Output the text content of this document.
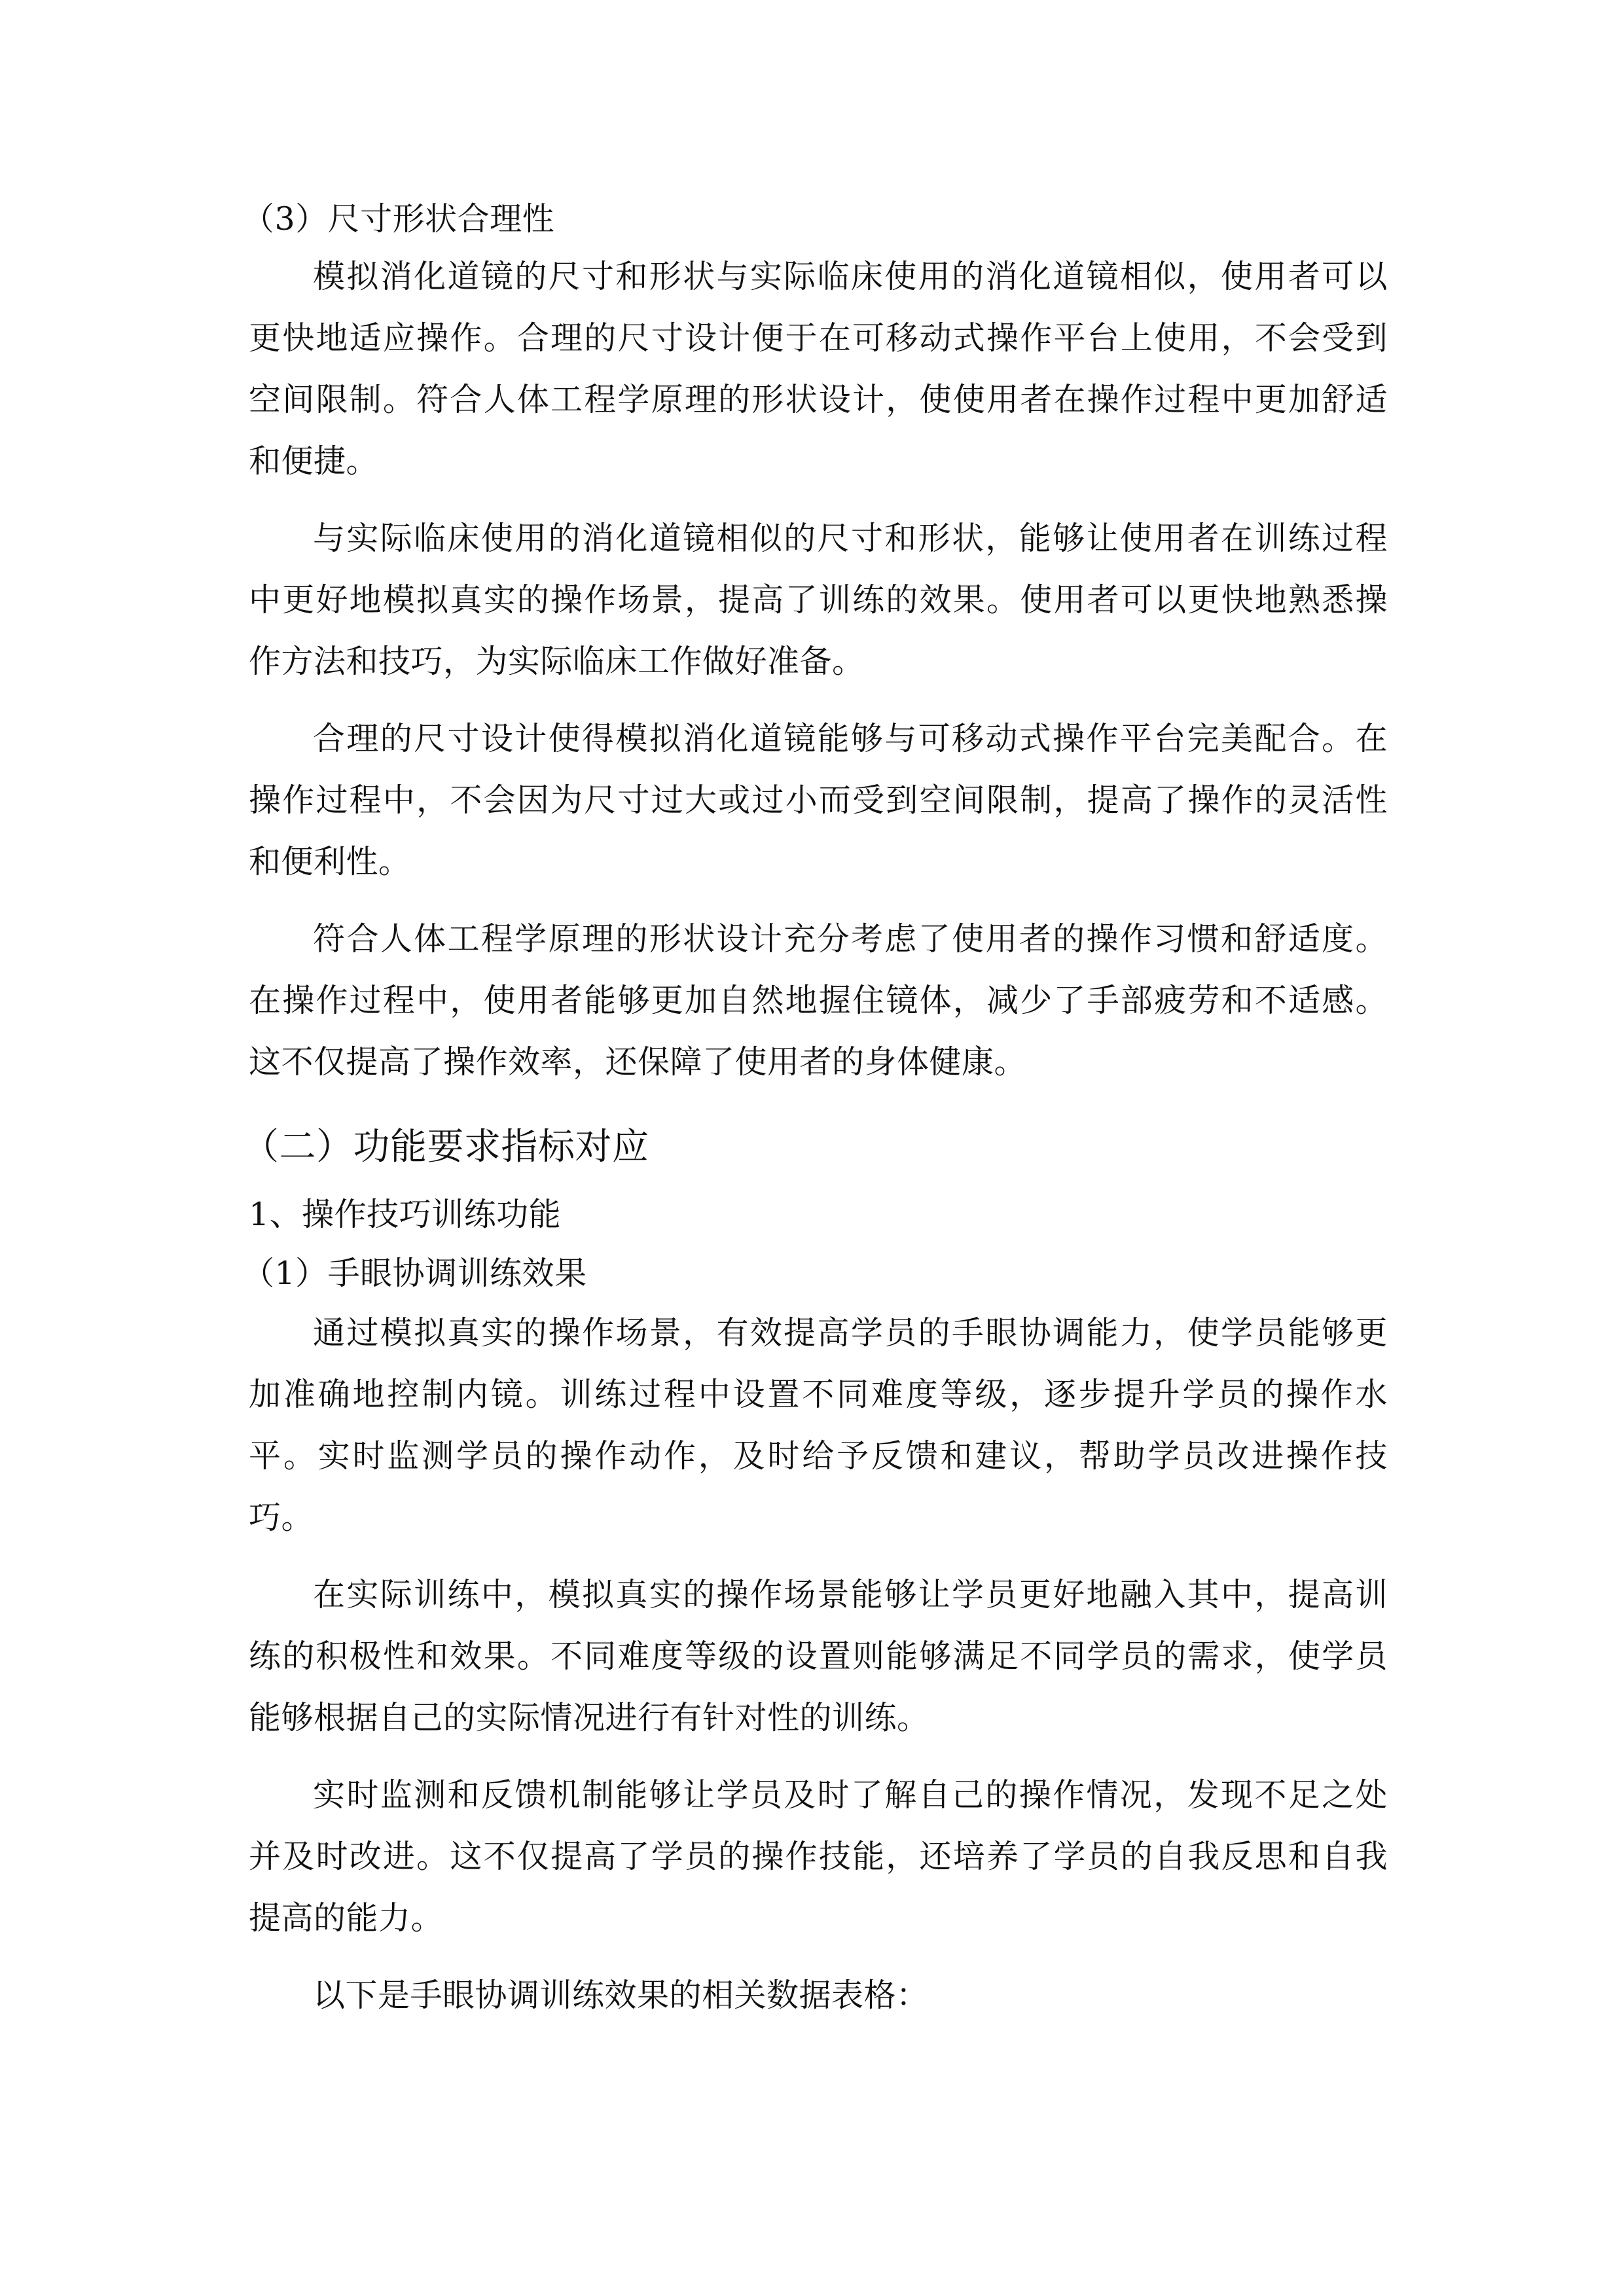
（3）尺寸形状合理性

模拟消化道镜的尺寸和形状与实际临床使用的消化道镜相似，使用者可以

更快地适应操作。合理的尺寸设计便于在可移动式操作平台上使用，不会受到

空间限制。符合人体工程学原理的形状设计，使使用者在操作过程中更加舒适

和便捷。

与实际临床使用的消化道镜相似的尺寸和形状，能够让使用者在训练过程

中更好地模拟真实的操作场景，提高了训练的效果。使用者可以更快地熟悉操

作方法和技巧，为实际临床工作做好准备。

合理的尺寸设计使得模拟消化道镜能够与可移动式操作平台完美配合。在

操作过程中，不会因为尺寸过大或过小而受到空间限制，提高了操作的灵活性

和便利性。

符合人体工程学原理的形状设计充分考虑了使用者的操作习惯和舒适度。

在操作过程中，使用者能够更加自然地握住镜体，减少了手部疲劳和不适感。

这不仅提高了操作效率，还保障了使用者的身体健康。

（二）功能要求指标对应

1、操作技巧训练功能

（1）手眼协调训练效果

通过模拟真实的操作场景，有效提高学员的手眼协调能力，使学员能够更

加准确地控制内镜。训练过程中设置不同难度等级，逐步提升学员的操作水

平。实时监测学员的操作动作，及时给予反馈和建议，帮助学员改进操作技

巧。

在实际训练中，模拟真实的操作场景能够让学员更好地融入其中，提高训

练的积极性和效果。不同难度等级的设置则能够满足不同学员的需求，使学员

能够根据自己的实际情况进行有针对性的训练。

实时监测和反馈机制能够让学员及时了解自己的操作情况，发现不足之处

并及时改进。这不仅提高了学员的操作技能，还培养了学员的自我反思和自我

提高的能力。

以下是手眼协调训练效果的相关数据表格：
